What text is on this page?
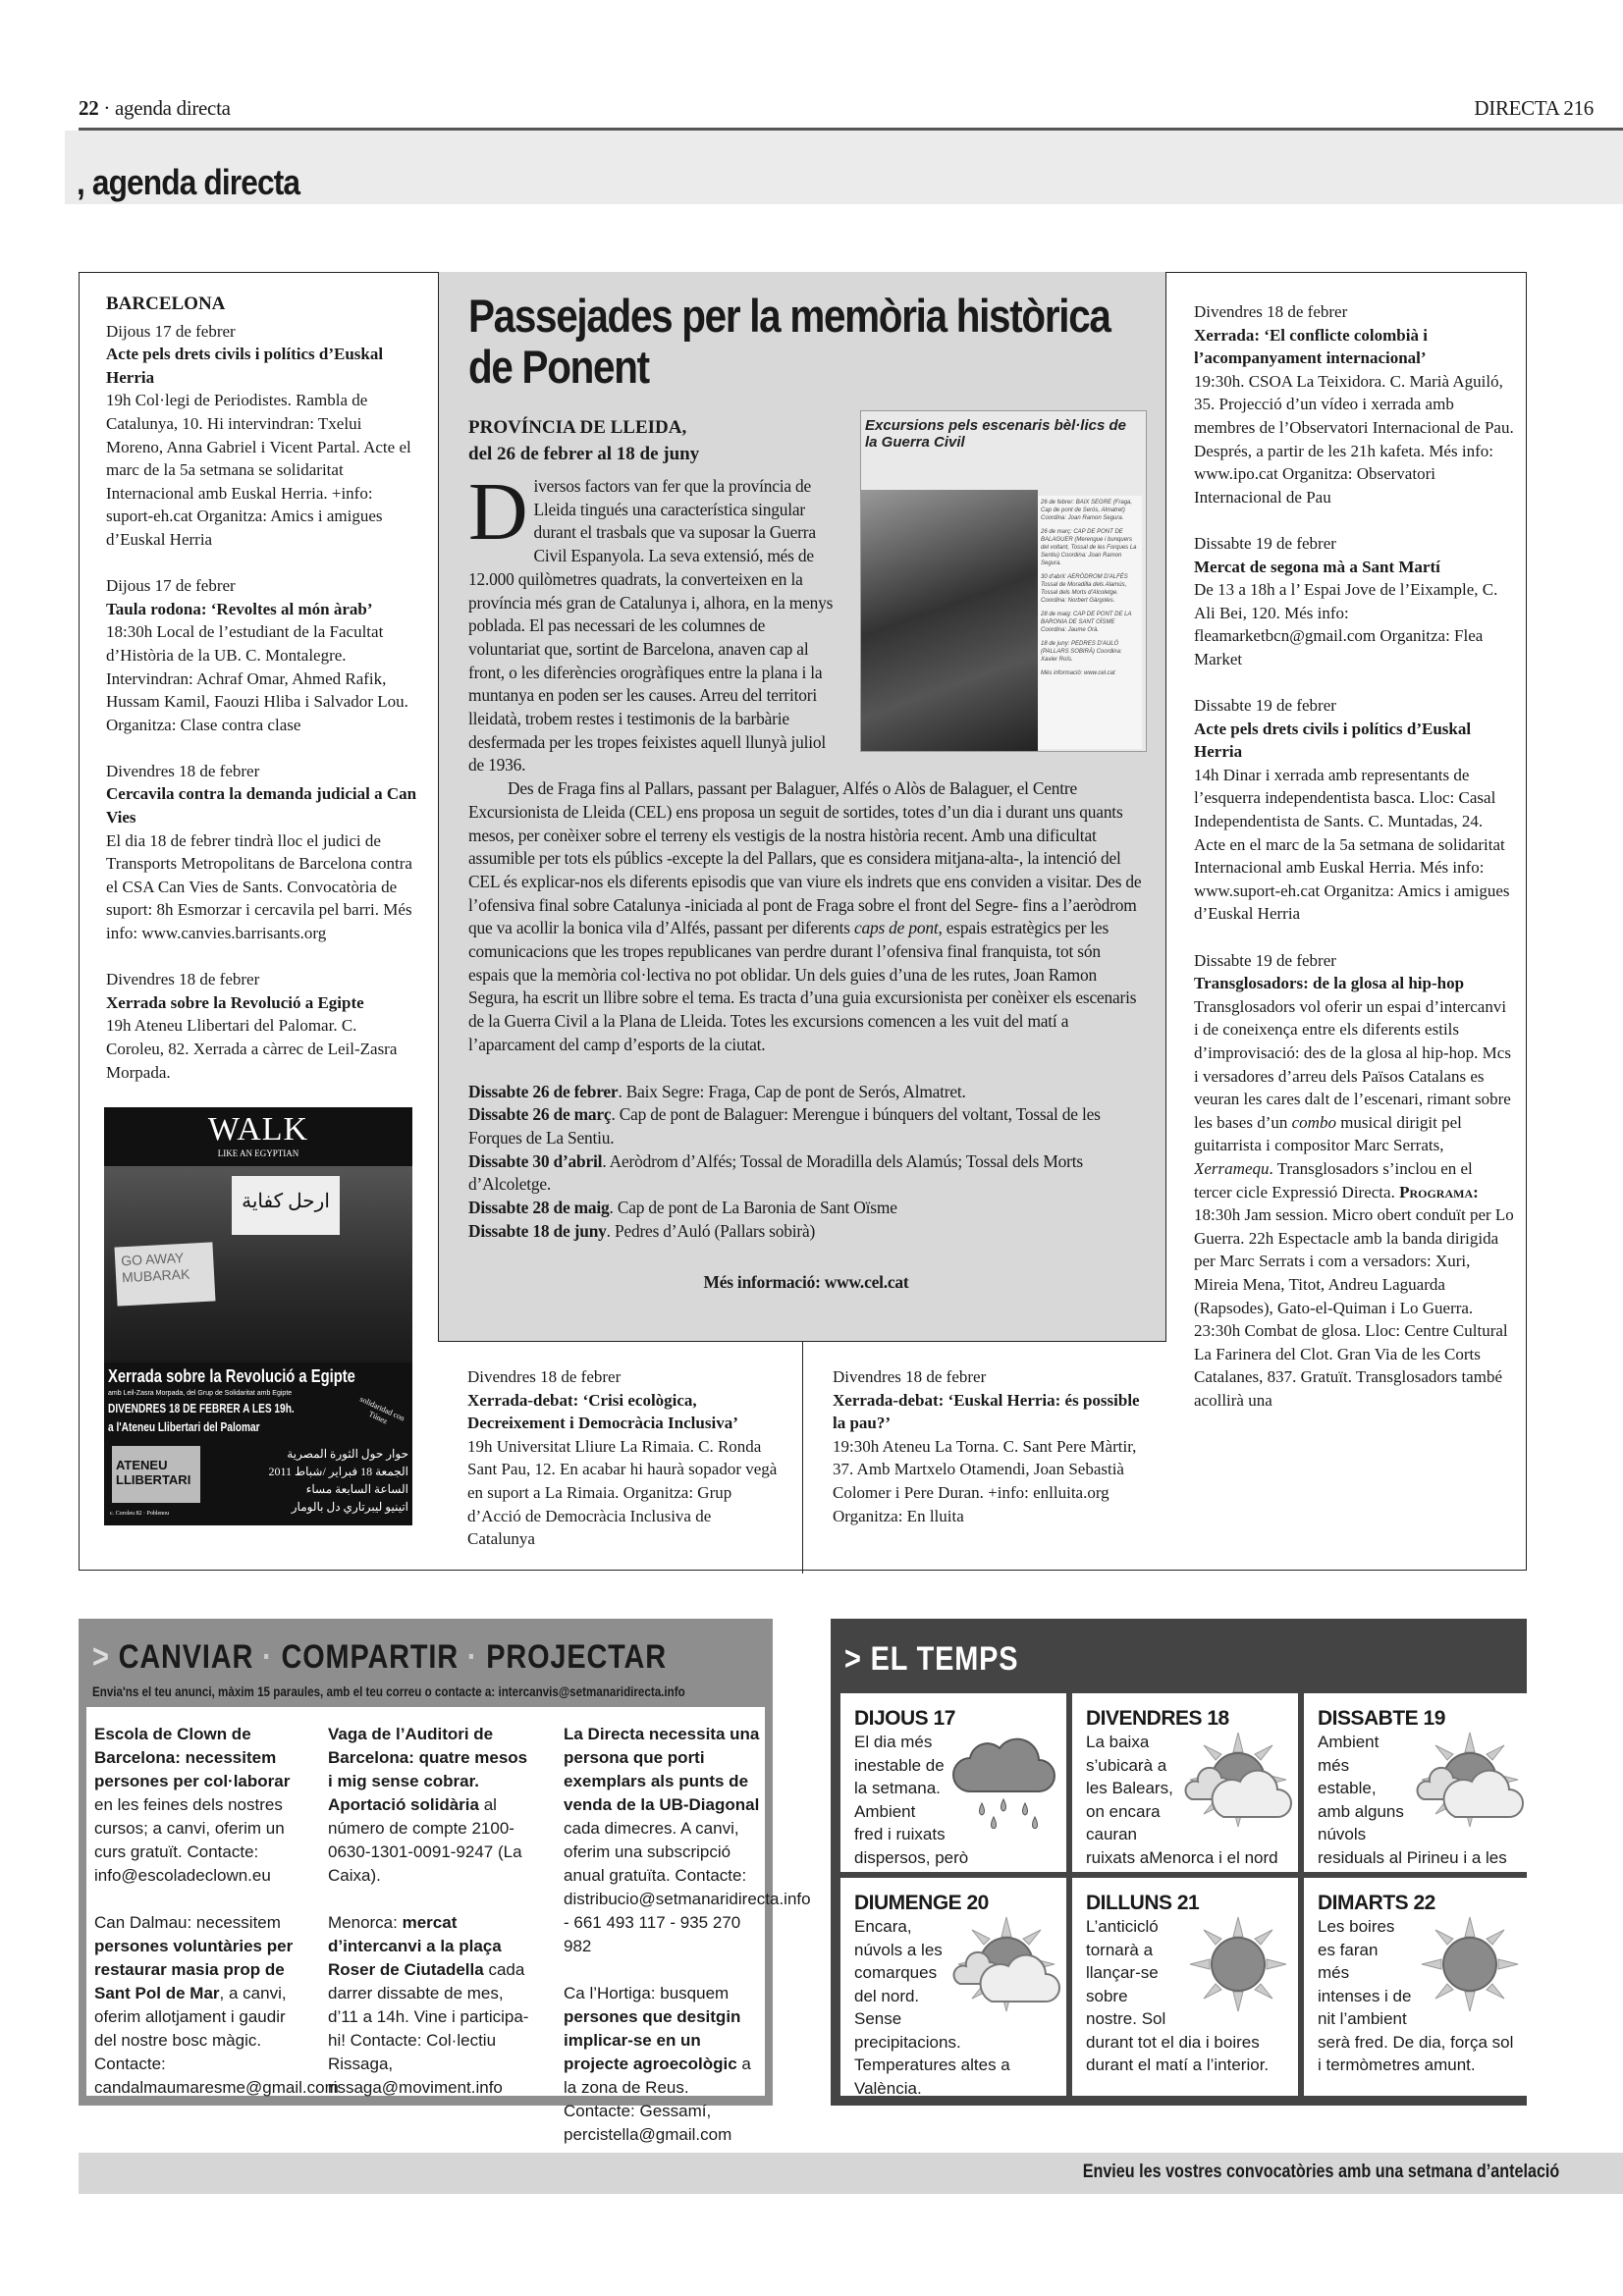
22 · agenda directa	DIRECTA 216
, agenda directa
BARCELONA
Dijous 17 de febrer
Acte pels drets civils i polítics d’Euskal Herria
19h Col·legi de Periodistes. Rambla de Catalunya, 10. Hi intervindran: Txelui Moreno, Anna Gabriel i Vicent Partal. Acte el marc de la 5a setmana se solidaritat Internacional amb Euskal Herria. +info: suport-eh.cat Organitza: Amics i amigues d’Euskal Herria
Dijous 17 de febrer
Taula rodona: ‘Revoltes al món àrab’
18:30h Local de l’estudiant de la Facultat d’Història de la UB. C. Montalegre. Intervindran: Achraf Omar, Ahmed Rafik, Hussam Kamil, Faouzi Hliba i Salvador Lou. Organitza: Clase contra clase
Divendres 18 de febrer
Cercavila contra la demanda judicial a Can Vies
El dia 18 de febrer tindrà lloc el judici de Transports Metropolitans de Barcelona contra el CSA Can Vies de Sants. Convocatòria de suport: 8h Esmorzar i cercavila pel barri. Més info: www.canvies.barrisants.org
Divendres 18 de febrer
Xerrada sobre la Revolució a Egipte
19h Ateneu Llibertari del Palomar. C. Coroleu, 82. Xerrada a càrrec de Leil-Zasra Morpada.
WALK
LIKE AN EGYPTIAN
GO AWAY MUBARAK
ارحل كفاية
Xerrada sobre la Revolució a Egipte
amb Leil-Zasra Morpada, del Grup de Solidaritat amb Egipte
DIVENDRES 18 DE FEBRER A LES 19h.
a l'Ateneu Llibertari del Palomar
solidaridad con Túnez
ATENEU LLIBERTARI
c. Coroleu 82 · Poblenou
حوار حول الثورة المصرية
الجمعة 18 فبراير /شباط 2011
الساعة السابعة مساء
اتينيو ليبرتاري دل بالومار
Passejades per la memòria històrica de Ponent
PROVÍNCIA DE LLEIDA,
del 26 de febrer al 18 de juny
Excursions pels escenaris bèl·lics de la Guerra Civil
26 de febrer: BAIX SEGRE (Fraga, Cap de pont de Serós, Almatret) Coordina: Joan Ramon Segura.
26 de març: CAP DE PONT DE BALAGUER (Merengue i bunquers del voltant, Tossal de les Forques La Sentiu) Coordina: Joan Ramon Segura.
30 d'abril: AERÒDROM D'ALFÉS Tossal de Moradilla dels Alamús, Tossal dels Morts d'Alcoletge. Coordina: Norbert Gàrgoles.
28 de maig: CAP DE PONT DE LA BARONIA DE SANT OÏSME Coordina: Jaume Orà.
18 de juny: PEDRES D'AULÓ (PALLARS SOBIRÀ) Coordina: Xavier Roïs.
Més informació: www.cel.cat

Diversos factors van fer que la província de Lleida tingués una característica singular durant el trasbals que va suposar la Guerra Civil Espanyola. La seva extensió, més de 12.000 quilòmetres quadrats, la converteixen en la província més gran de Catalunya i, alhora, en la menys poblada. El pas necessari de les columnes de voluntariat que, sortint de Barcelona, anaven cap al front, o les diferències orogràfiques entre la plana i la muntanya en poden ser les causes. Arreu del territori lleidatà, trobem restes i testimonis de la barbàrie desfermada per les tropes feixistes aquell llunyà juliol de 1936.

Des de Fraga fins al Pallars, passant per Balaguer, Alfés o Alòs de Balaguer, el Centre Excursionista de Lleida (CEL) ens proposa un seguit de sortides, totes d’un dia i durant uns quants mesos, per conèixer sobre el terreny els vestigis de la nostra història recent. Amb una dificultat assumible per tots els públics -excepte la del Pallars, que es considera mitjana-alta-, la intenció del CEL és explicar-nos els diferents episodis que van viure els indrets que ens conviden a visitar. Des de l’ofensiva final sobre Catalunya -iniciada al pont de Fraga sobre el front del Segre- fins a l’aeròdrom que va acollir la bonica vila d’Alfés, passant per diferents caps de pont, espais estratègics per les comunicacions que les tropes republicanes van perdre durant l’ofensiva final franquista, tot són espais que la memòria col·lectiva no pot oblidar. Un dels guies d’una de les rutes, Joan Ramon Segura, ha escrit un llibre sobre el tema. Es tracta d’una guia excursionista per conèixer els escenaris de la Guerra Civil a la Plana de Lleida. Totes les excursions comencen a les vuit del matí a l’aparcament del camp d’esports de la ciutat.

Dissabte 26 de febrer. Baix Segre: Fraga, Cap de pont de Serós, Almatret.
Dissabte 26 de març. Cap de pont de Balaguer: Merengue i búnquers del voltant, Tossal de les Forques de La Sentiu.
Dissabte 30 d’abril. Aeròdrom d’Alfés; Tossal de Moradilla dels Alamús; Tossal dels Morts d’Alcoletge.
Dissabte 28 de maig. Cap de pont de La Baronia de Sant Oïsme
Dissabte 18 de juny. Pedres d’Auló (Pallars sobirà)
Més informació: www.cel.cat
Divendres 18 de febrer
Xerrada-debat: ‘Crisi ecològica, Decreixement i Democràcia Inclusiva’
19h Universitat Lliure La Rimaia. C. Ronda Sant Pau, 12. En acabar hi haurà sopador vegà en suport a La Rimaia. Organitza: Grup d’Acció de Democràcia Inclusiva de Catalunya
Divendres 18 de febrer
Xerrada-debat: ‘Euskal Herria: és possible la pau?’
19:30h Ateneu La Torna. C. Sant Pere Màrtir, 37. Amb Martxelo Otamendi, Joan Sebastià Colomer i Pere Duran. +info: enlluita.org Organitza: En lluita
Divendres 18 de febrer
Xerrada: ‘El conflicte colombià i l’acompanyament internacional’
19:30h. CSOA La Teixidora. C. Marià Aguiló, 35. Projecció d’un vídeo i xerrada amb membres de l’Observatori Internacional de Pau. Després, a partir de les 21h kafeta. Més info: www.ipo.cat Organitza: Observatori Internacional de Pau
Dissabte 19 de febrer
Mercat de segona mà a Sant Martí
De 13 a 18h a l’ Espai Jove de l’Eixample, C. Ali Bei, 120. Més info: fleamarketbcn@gmail.com Organitza: Flea Market
Dissabte 19 de febrer
Acte pels drets civils i polítics d’Euskal Herria
14h Dinar i xerrada amb representants de l’esquerra independentista basca. Lloc: Casal Independentista de Sants. C. Muntadas, 24. Acte en el marc de la 5a setmana de solidaritat Internacional amb Euskal Herria. Més info: www.suport-eh.cat Organitza: Amics i amigues d’Euskal Herria
Dissabte 19 de febrer
Transglosadors: de la glosa al hip-hop
Transglosadors vol oferir un espai d’intercanvi i de coneixença entre els diferents estils d’improvisació: des de la glosa al hip-hop. Mcs i versadores d’arreu dels Països Catalans es veuran les cares dalt de l’escenari, rimant sobre les bases d’un combo musical dirigit pel guitarrista i compositor Marc Serrats, Xerramequ. Transglosadors s’inclou en el tercer cicle Expressió Directa. Programa: 18:30h Jam session. Micro obert conduït per Lo Guerra. 22h Espectacle amb la banda dirigida per Marc Serrats i com a versadors: Xuri, Mireia Mena, Titot, Andreu Laguarda (Rapsodes), Gato-el-Quiman i Lo Guerra. 23:30h Combat de glosa. Lloc: Centre Cultural La Farinera del Clot. Gran Via de les Corts Catalanes, 837. Gratuït. Transglosadors també acollirà una
> CANVIAR · COMPARTIR · PROJECTAR
Envia'ns el teu anunci, màxim 15 paraules, amb el teu correu o contacte a: intercanvis@setmanaridirecta.info

Escola de Clown de Barcelona: necessitem persones per col·laborar en les feines dels nostres cursos; a canvi, oferim un curs gratuït. Contacte: info@escoladeclown.eu

Can Dalmau: necessitem persones voluntàries per restaurar masia prop de Sant Pol de Mar, a canvi, oferim allotjament i gaudir del nostre bosc màgic. Contacte: candalmaumaresme@gmail.com

Vaga de l’Auditori de Barcelona: quatre mesos i mig sense cobrar. Aportació solidària al número de compte 2100-0630-1301-0091-9247 (La Caixa).

Menorca: mercat d’intercanvi a la plaça Roser de Ciutadella cada darrer dissabte de mes, d’11 a 14h. Vine i participa-hi! Contacte: Col·lectiu Rissaga, rissaga@moviment.info

La Directa necessita una persona que porti exemplars als punts de venda de la UB-Diagonal cada dimecres. A canvi, oferim una subscripció anual gratuïta. Contacte: distribucio@setmanaridirecta.info - 661 493 117 - 935 270 982

Ca l’Hortiga: busquem persones que desitgin implicar-se en un projecte agroecològic a la zona de Reus. Contacte: Gessamí, percistella@gmail.com

> EL TEMPS
DIJOUS 17
El dia més inestable de la setmana. Ambient fred i ruixats dispersos, però
DIVENDRES 18
La baixa s’ubicarà a les Balears, on encara cauran ruixats aMenorca i el nord
DISSABTE 19
Ambient més estable, amb alguns núvols residuals al Pirineu i a les
DIUMENGE 20
Encara, núvols a les comarques del nord. Sense precipitacions. Temperatures altes a València.
DILLUNS 21
L’anticicló tornarà a llançar-se sobre nostre. Sol durant tot el dia i boires durant el matí a l’interior.
DIMARTS 22
Les boires es faran més intenses i de nit l’ambient serà fred. De dia, força sol i termòmetres amunt.
Envieu les vostres convocatòries amb una setmana d’antelació
